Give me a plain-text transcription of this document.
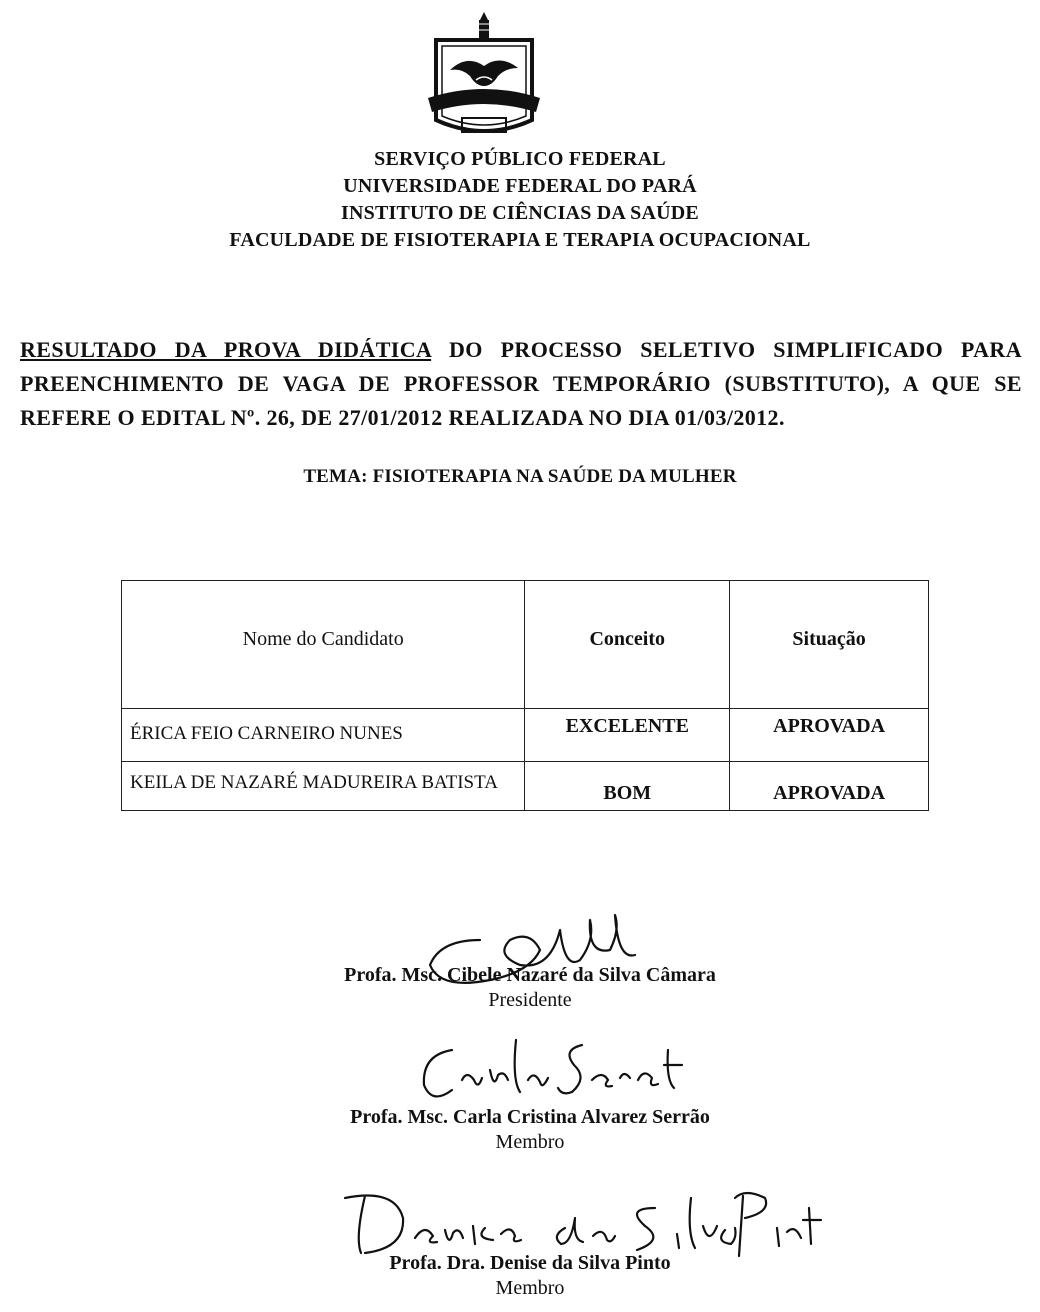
SERVIÇO PÚBLICO FEDERAL
UNIVERSIDADE FEDERAL DO PARÁ
INSTITUTO DE CIÊNCIAS DA SAÚDE
FACULDADE DE FISIOTERAPIA E TERAPIA OCUPACIONAL
RESULTADO DA PROVA DIDÁTICA DO PROCESSO SELETIVO SIMPLIFICADO PARA PREENCHIMENTO DE VAGA DE PROFESSOR TEMPORÁRIO (SUBSTITUTO), A QUE SE REFERE O EDITAL Nº. 26, DE 27/01/2012 REALIZADA NO DIA 01/03/2012.
TEMA: FISIOTERAPIA NA SAÚDE DA MULHER
Nome do Candidato	Conceito	Situação
ÉRICA FEIO CARNEIRO NUNES	EXCELENTE	APROVADA
KEILA DE NAZARÉ MADUREIRA BATISTA	BOM	APROVADA
Profa. Msc. Cibele Nazaré da Silva Câmara
Presidente
Profa. Msc. Carla Cristina Alvarez Serrão
Membro
Profa. Dra. Denise da Silva Pinto
Membro
